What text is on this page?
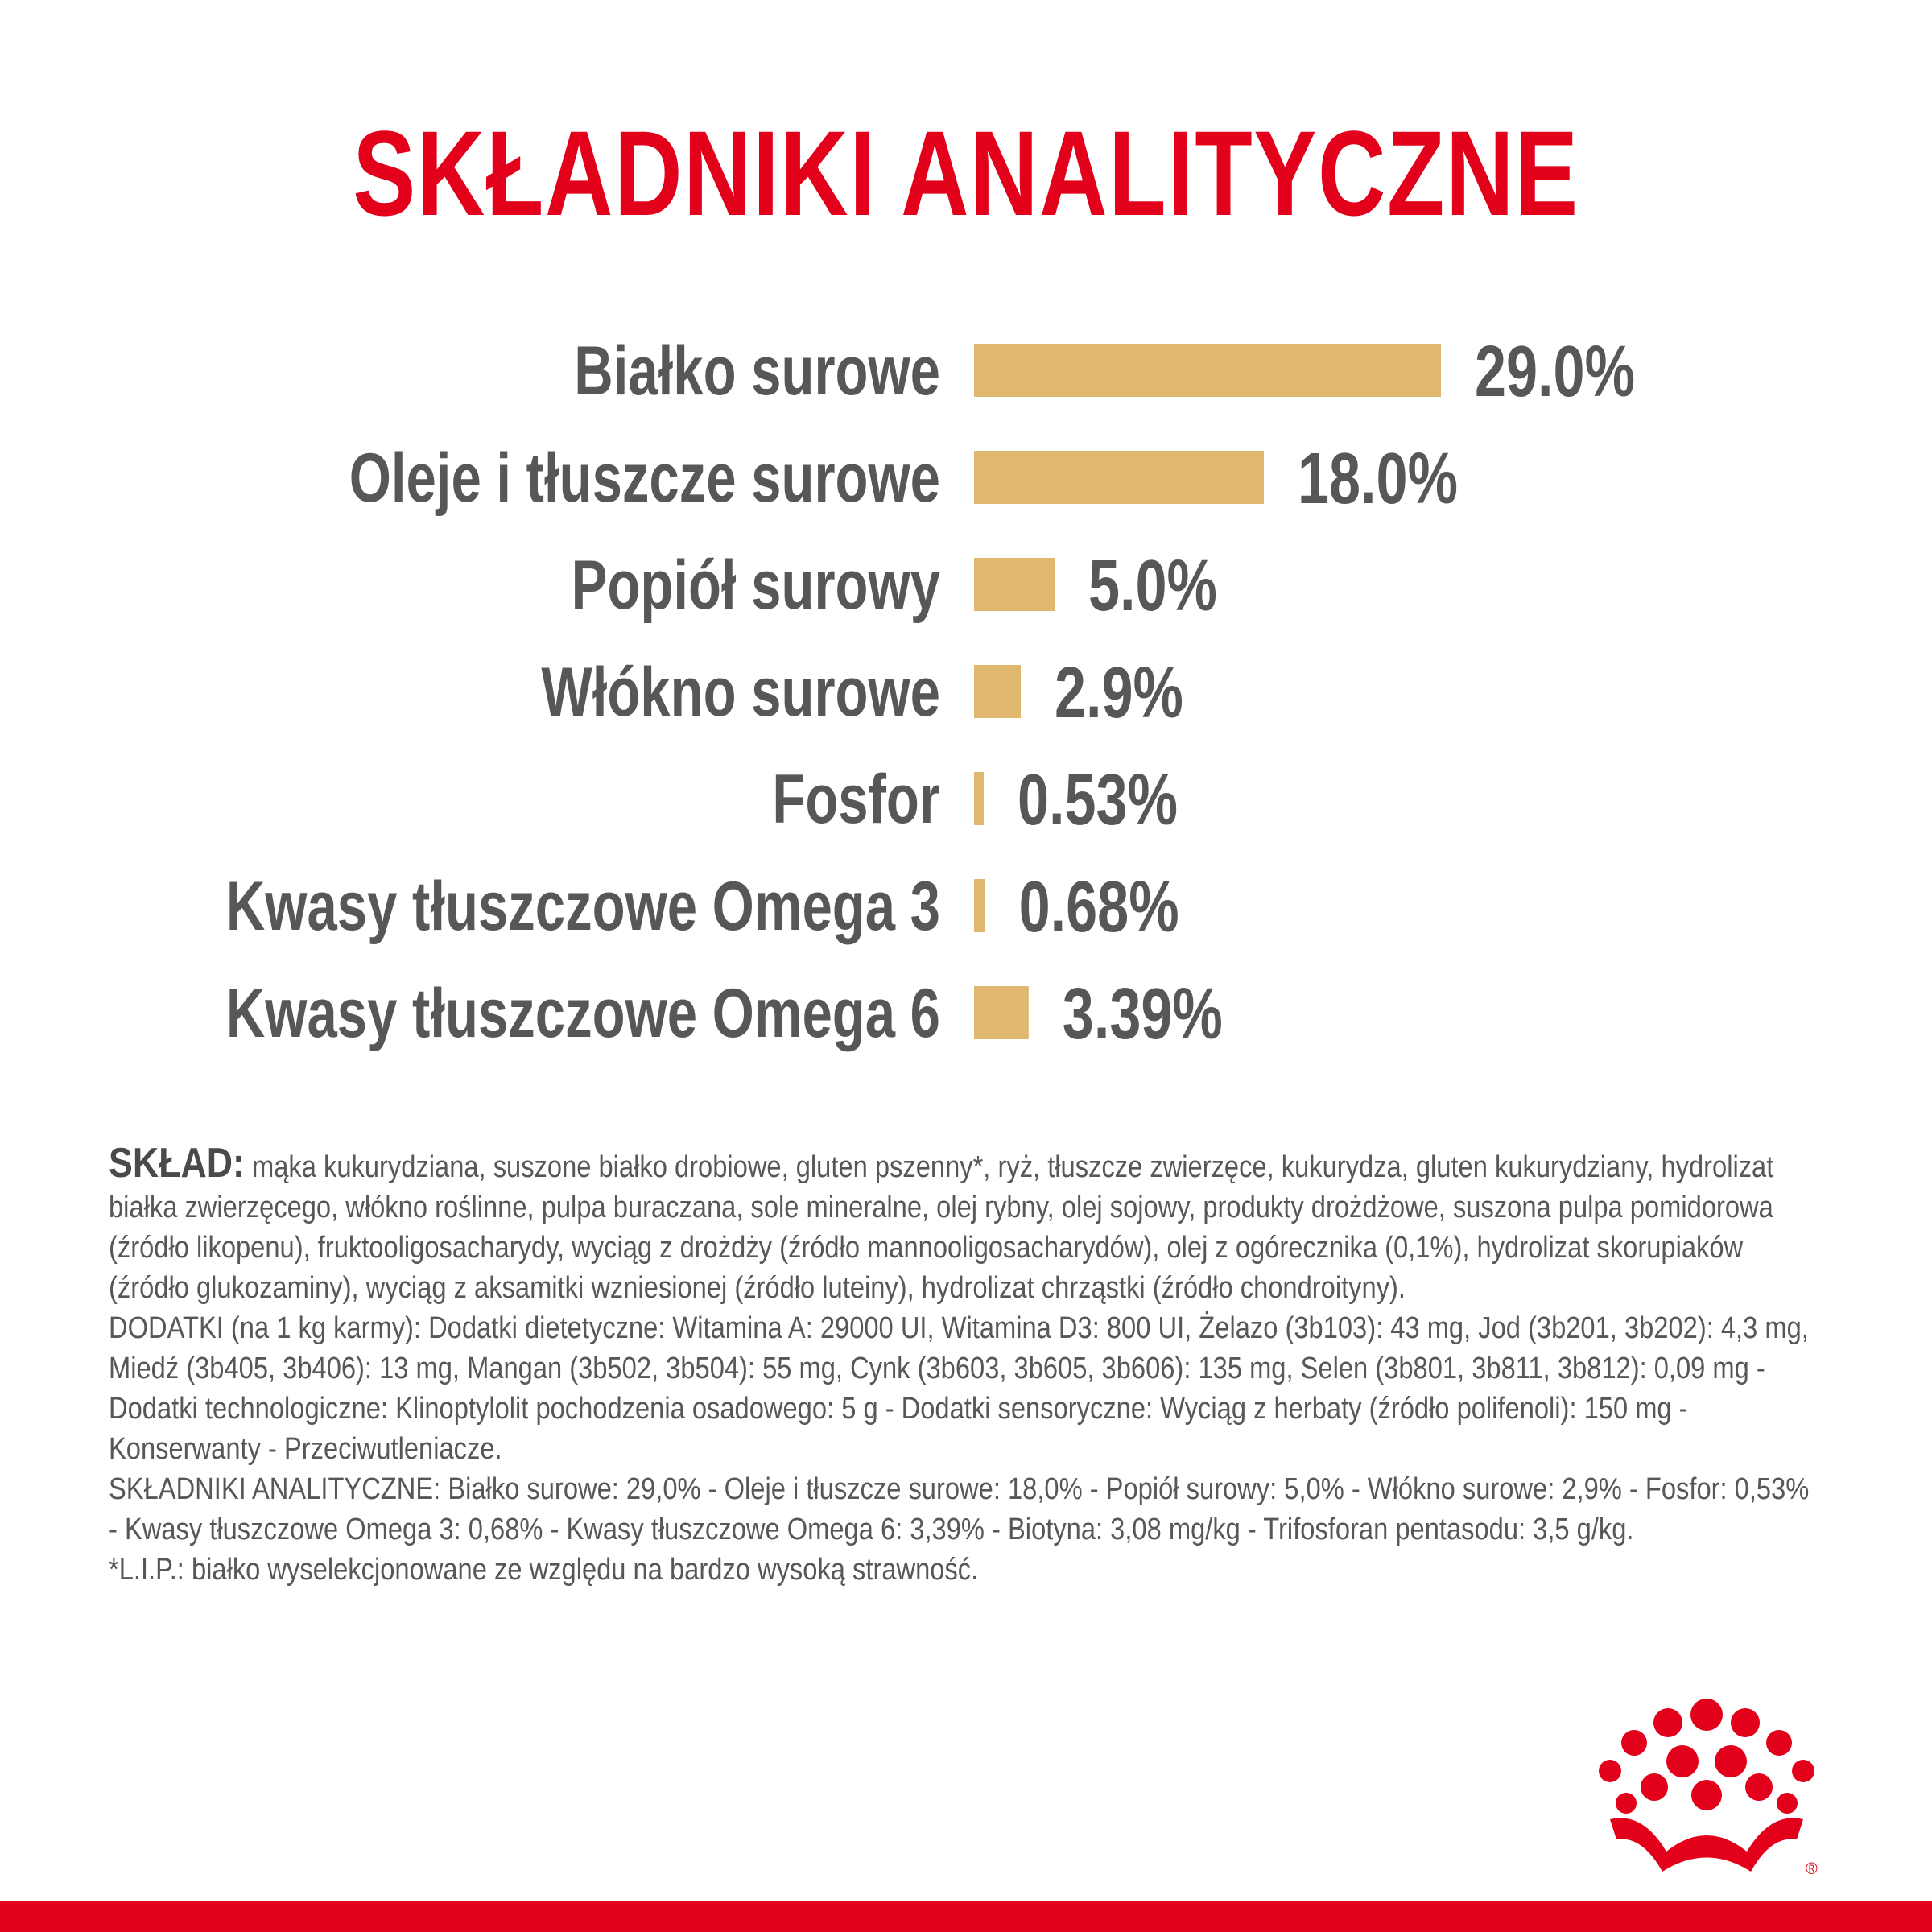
SKŁADNIKI ANALITYCZNE
Białko surowe	29.0%
Oleje i tłuszcze surowe	18.0%
Popiół surowy 5.0%
Włókno surowe 2.9%
Fosfor 0.53%
Kwasy tłuszczowe Omega 3 0.68%
Kwasy tłuszczowe Omega 6 3.39%

SKŁAD: mąka kukurydziana, suszone białko drobiowe, gluten pszenny*, ryż, tłuszcze zwierzęce, kukurydza, gluten kukurydziany, hydrolizat białka zwierzęcego, włókno roślinne, pulpa buraczana, sole mineralne, olej rybny, olej sojowy, produkty drożdżowe, suszona pulpa pomidorowa (źródło likopenu), fruktooligosacharydy, wyciąg z drożdży (źródło mannooligosacharydów), olej z ogórecznika (0,1%), hydrolizat skorupiaków (źródło glukozaminy), wyciąg z aksamitki wzniesionej (źródło luteiny), hydrolizat chrząstki (źródło chondroityny).

DODATKI (na 1 kg karmy): Dodatki dietetyczne: Witamina A: 29000 UI, Witamina D3: 800 UI, Żelazo (3b103): 43 mg, Jod (3b201, 3b202): 4,3 mg, Miedź (3b405, 3b406): 13 mg, Mangan (3b502, 3b504): 55 mg, Cynk (3b603, 3b605, 3b606): 135 mg, Selen (3b801, 3b811, 3b812): 0,09 mg - Dodatki technologiczne: Klinoptylolit pochodzenia osadowego: 5 g - Dodatki sensoryczne: Wyciąg z herbaty (źródło polifenoli): 150 mg - Konserwanty - Przeciwutleniacze.

SKŁADNIKI ANALITYCZNE: Białko surowe: 29,0% - Oleje i tłuszcze surowe: 18,0% - Popiół surowy: 5,0% - Włókno surowe: 2,9% - Fosfor: 0,53% - Kwasy tłuszczowe Omega 3: 0,68% - Kwasy tłuszczowe Omega 6: 3,39% - Biotyna: 3,08 mg/kg - Trifosforan pentasodu: 3,5 g/kg.

*L.I.P.: białko wyselekcjonowane ze względu na bardzo wysoką strawność.

®
